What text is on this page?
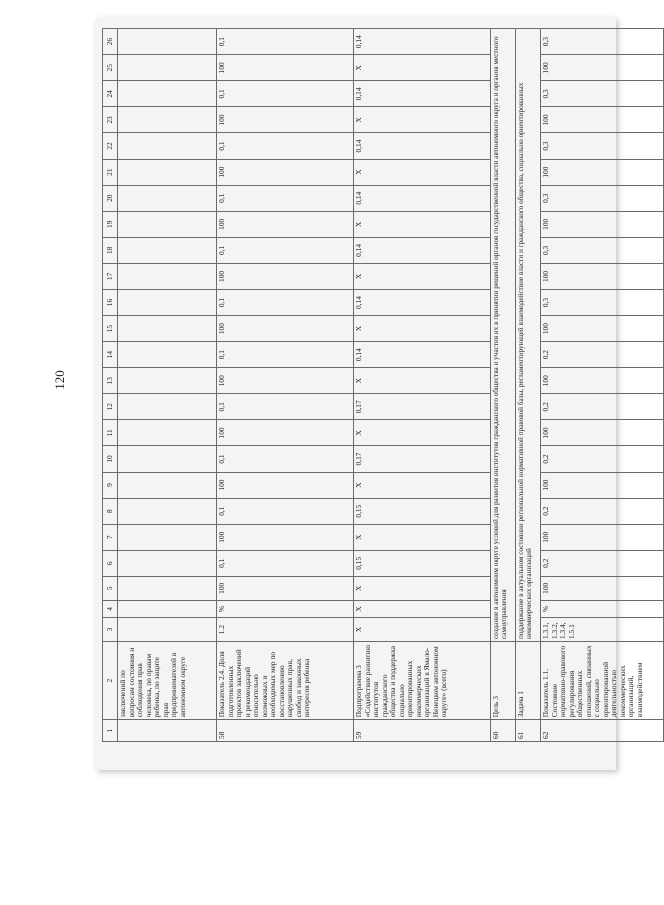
120
1	2	3	4	5	6	7	8	9	10	11	12	13	14	15	16	17	18	19	20	21	22	23	24	25	26
	заключений по вопросам состояния и соблюдения прав человека, по правам ребенка, по защите прав предпринимателей в автономном округе																								
58	Показатель 2.4. Доля подготовленных проектов заключений и рекомендаций относительно возможных и необходимых мер по восстановлению нарушенных прав, свобод и законных интересов ребенка	1.2	%	100	0,1	100	0,1	100	0,1	100	0,1	100	0,1	100	0,1	100	0,1	100	0,1	100	0,1	100	0,1	100	0,1
59	Подпрограмма 3 «Содействие развитию институтов гражданского общества и поддержка социально ориентированных некоммерческих организаций в Ямало-Ненецком автономном округе» (всего)	X	X	X	0,15	X	0,15	X	0,17	X	0,17	X	0,14	X	0,14	X	0,14	X	0,14	X	0,14	X	0,14	X	0,14
60	Цель 3	создание в автономном округе условий для развития институтов гражданского общества и участия их в принятии решений органов государственной власти автономного округа и органов местного самоуправления																							
61	Задача 1	поддержание в актуальном состоянии региональной нормативной правовой базы, регламентирующей взаимодействие власти и гражданского общества, социально ориентированных некоммерческих организаций																							
62	Показатель 1.1. Состояние нормативно-правового регулирования общественных отношений, связанных с социально ориентированной деятельностью некоммерческих организаций, взаимодействием	1.3.1, 1.3.2, 1.3.4, 1.5.1	%	100	0,2	100	0,2	100	0,2	100	0,2	100	0,2	100	0,3	100	0,3	100	0,3	100	0,3	100	0,3	100	0,3
